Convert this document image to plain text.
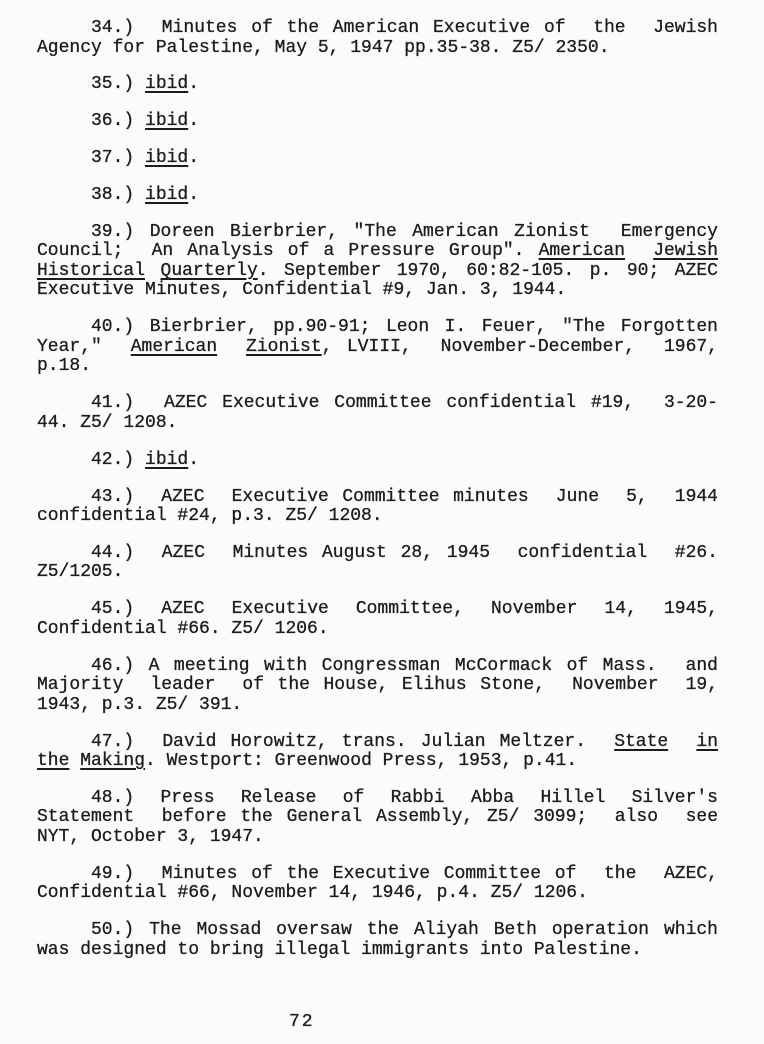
34.)  Minutes of the American Executive of  the  Jewish
Agency for Palestine, May 5, 1947 pp.35-38. Z5/ 2350.
35.) ibid.
36.) ibid.
37.) ibid.
38.) ibid.
39.) Doreen Bierbrier, "The American Zionist  Emergency
Council;  An Analysis of a Pressure Group". American Jewish
Historical Quarterly. September 1970, 60:82-105. p. 90; AZEC
Executive Minutes, Confidential #9, Jan. 3, 1944.
40.) Bierbrier, pp.90-91; Leon I. Feuer, "The Forgotten
Year,"  American Zionist, LVIII,  November-December,  1967,
p.18.
41.)  AZEC Executive Committee confidential #19,  3-20-
44. Z5/ 1208.
42.) ibid.
43.)  AZEC  Executive Committee minutes  June  5,  1944
confidential #24, p.3. Z5/ 1208.
44.)  AZEC  Minutes August 28, 1945  confidential  #26.
Z5/1205.
45.)  AZEC  Executive  Committee,  November  14,  1945,
Confidential #66. Z5/ 1206.
46.) A meeting with Congressman McCormack of Mass.  and
Majority  leader  of the House, Elihus Stone,  November  19,
1943, p.3. Z5/ 391.
47.)  David Horowitz, trans. Julian Meltzer.  State in
the Making. Westport: Greenwood Press, 1953, p.41.
48.)  Press  Release  of  Rabbi  Abba  Hillel  Silver's
Statement  before the General Assembly, Z5/ 3099;  also  see
NYT, October 3, 1947.
49.)  Minutes of the Executive Committee of  the  AZEC,
Confidential #66, November 14, 1946, p.4. Z5/ 1206.
50.) The Mossad oversaw the Aliyah Beth operation which
was designed to bring illegal immigrants into Palestine.
72
